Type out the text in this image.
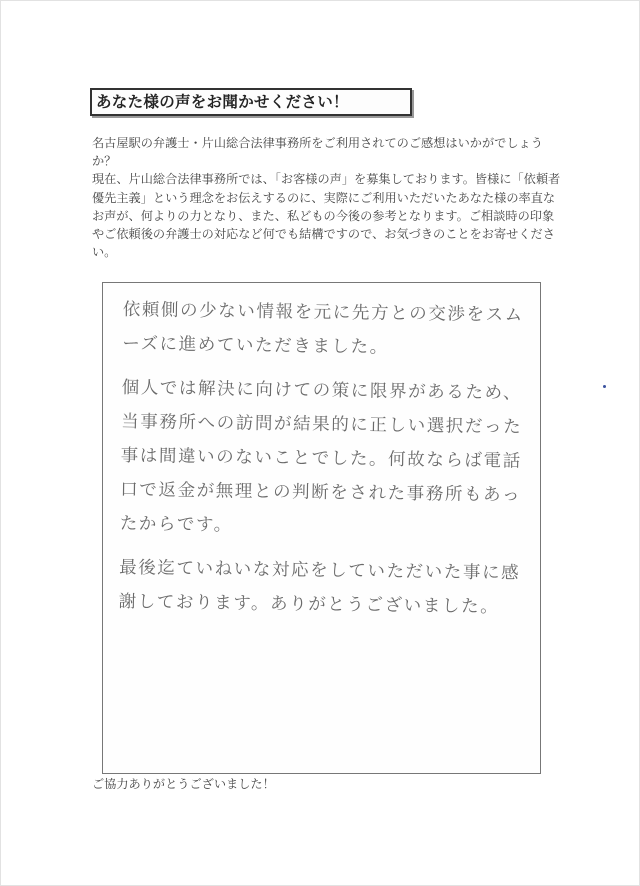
あなた様の声をお聞かせください！

名古屋駅の弁護士・片山総合法律事務所をご利用されてのご感想はいかがでしょうか？

現在、片山総合法律事務所では、「お客様の声」を募集しております。皆様に「依頼者優先主義」という理念をお伝えするのに、実際にご利用いただいたあなた様の率直なお声が、何よりの力となり、また、私どもの今後の参考となります。ご相談時の印象やご依頼後の弁護士の対応など何でも結構ですので、お気づきのことをお寄せください。

依頼側の少ない情報を元に先方との交渉をスムーズに進めていただきました。

個人では解決に向けての策に限界があるため、当事務所への訪問が結果的に正しい選択だった事は間違いのないことでした。何故ならば電話口で返金が無理との判断をされた事務所もあったからです。

最後迄ていねいな対応をしていただいた事に感謝しております。ありがとうございました。

ご協力ありがとうございました！
